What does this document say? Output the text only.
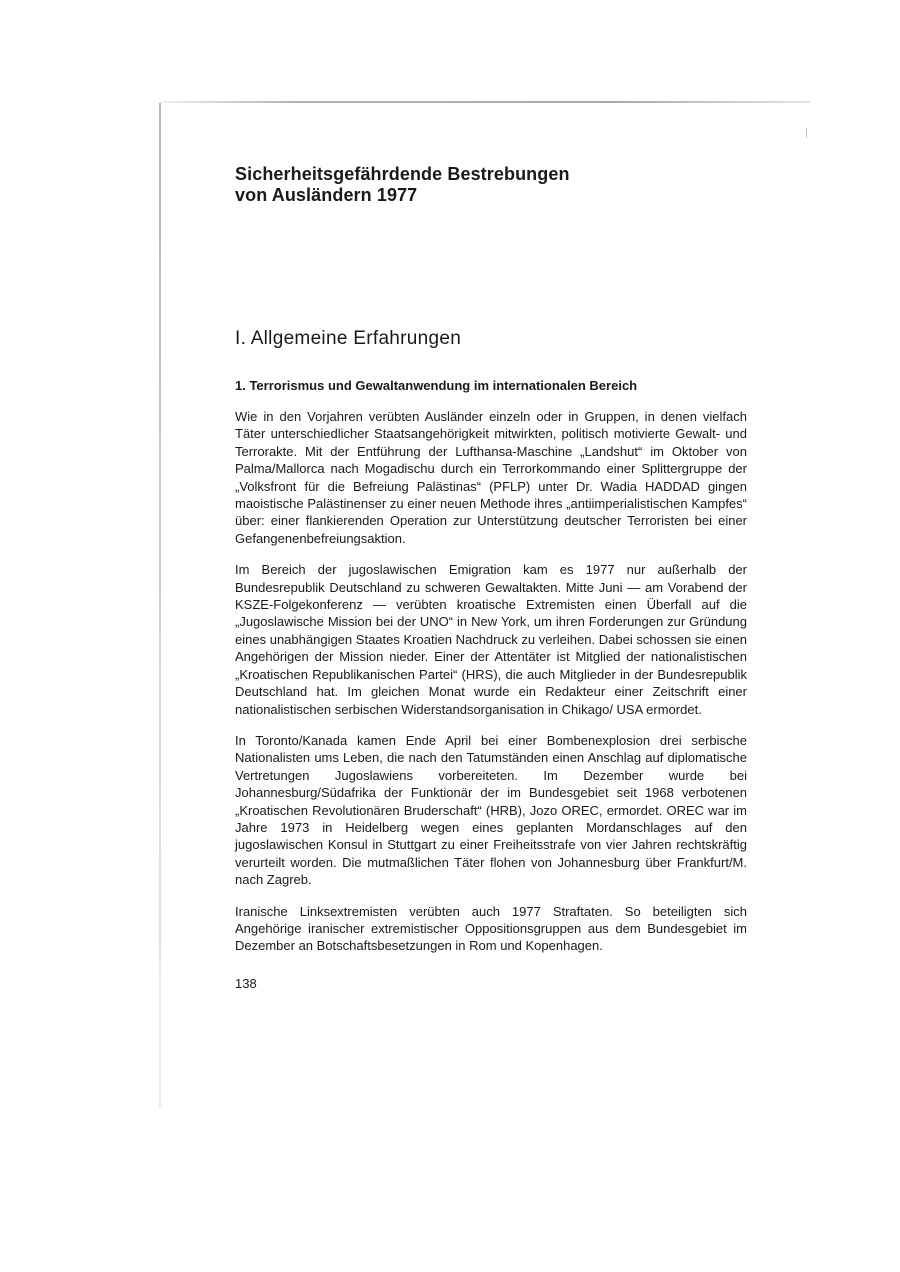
Sicherheitsgefährdende Bestrebungen
von Ausländern 1977
I. Allgemeine Erfahrungen
1. Terrorismus und Gewaltanwendung im internationalen Bereich

Wie in den Vorjahren verübten Ausländer einzeln oder in Gruppen, in denen vielfach Täter unterschiedlicher Staatsangehörigkeit mitwirkten, politisch motivierte Gewalt- und Terrorakte. Mit der Entführung der Lufthansa-Maschine „Landshut“ im Oktober von Palma/Mallorca nach Mogadischu durch ein Terrorkommando einer Splittergruppe der „Volksfront für die Befreiung Palästinas“ (PFLP) unter Dr. Wadia HADDAD gingen maoistische Palästinenser zu einer neuen Methode ihres „antiimperialistischen Kampfes“ über: einer flankierenden Operation zur Unterstützung deutscher Terroristen bei einer Gefangenenbefreiungsaktion.

Im Bereich der jugoslawischen Emigration kam es 1977 nur außerhalb der Bundesrepublik Deutschland zu schweren Gewaltakten. Mitte Juni — am Vorabend der KSZE-Folgekonferenz — verübten kroatische Extremisten einen Überfall auf die „Jugoslawische Mission bei der UNO“ in New York, um ihren Forderungen zur Gründung eines unabhängigen Staates Kroatien Nachdruck zu verleihen. Dabei schossen sie einen Angehörigen der Mission nieder. Einer der Attentäter ist Mitglied der nationalistischen „Kroatischen Republikanischen Partei“ (HRS), die auch Mitglieder in der Bundesrepublik Deutschland hat. Im gleichen Monat wurde ein Redakteur einer Zeitschrift einer nationalistischen serbischen Widerstandsorganisation in Chikago/ USA ermordet.

In Toronto/Kanada kamen Ende April bei einer Bombenexplosion drei serbische Nationalisten ums Leben, die nach den Tatumständen einen Anschlag auf diplomatische Vertretungen Jugoslawiens vorbereiteten. Im Dezember wurde bei Johannesburg/Südafrika der Funktionär der im Bundesgebiet seit 1968 verbotenen „Kroatischen Revolutionären Bruderschaft“ (HRB), Jozo OREC, ermordet. OREC war im Jahre 1973 in Heidelberg wegen eines geplanten Mordanschlages auf den jugoslawischen Konsul in Stuttgart zu einer Freiheitsstrafe von vier Jahren rechtskräftig verurteilt worden. Die mutmaßlichen Täter flohen von Johannesburg über Frankfurt/M. nach Zagreb.

Iranische Linksextremisten verübten auch 1977 Straftaten. So beteiligten sich Angehörige iranischer extremistischer Oppositionsgruppen aus dem Bundesgebiet im Dezember an Botschaftsbesetzungen in Rom und Kopenhagen.

138
